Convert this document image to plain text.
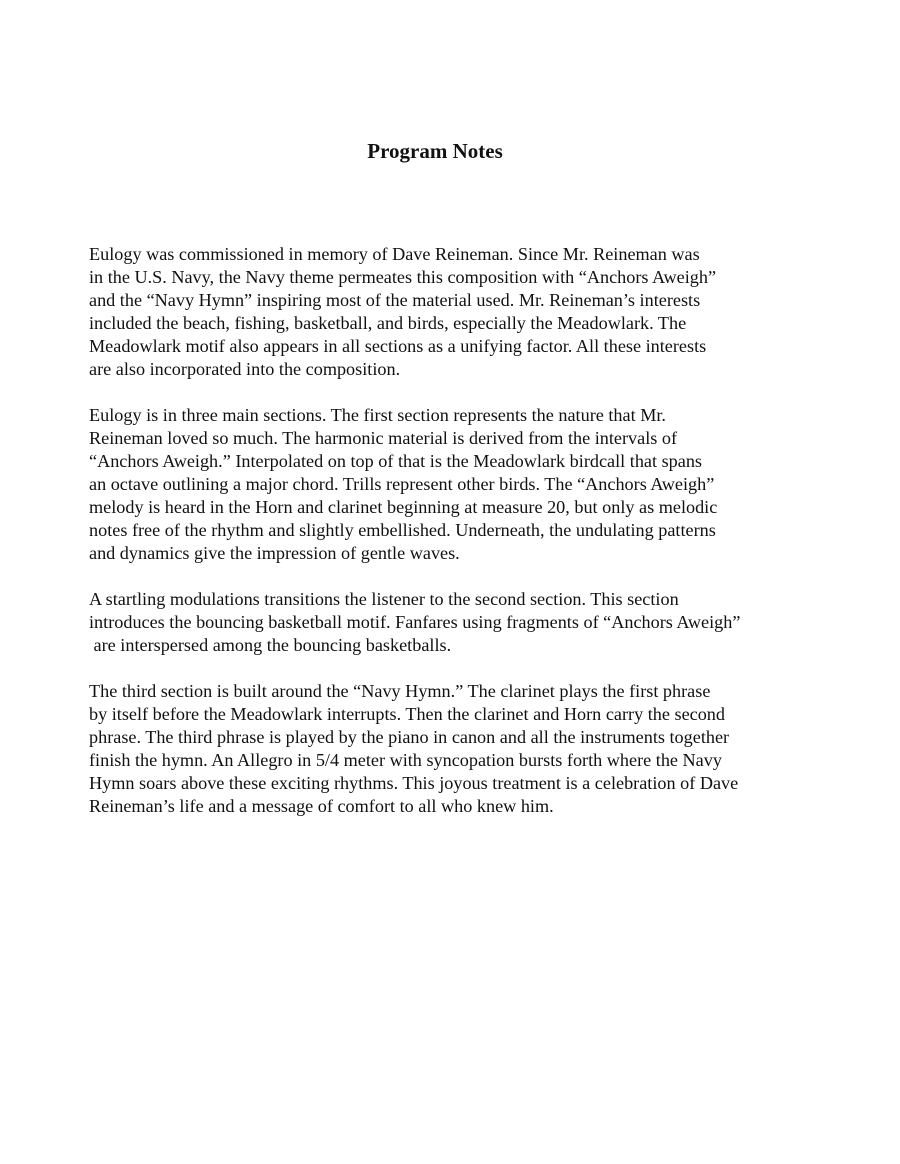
Program Notes

Eulogy was commissioned in memory of Dave Reineman. Since Mr. Reineman was
in the U.S. Navy, the Navy theme permeates this composition with “Anchors Aweigh”
and the “Navy Hymn” inspiring most of the material used. Mr. Reineman’s interests
included the beach, fishing, basketball, and birds, especially the Meadowlark. The
Meadowlark motif also appears in all sections as a unifying factor. All these interests
are also incorporated into the composition.

Eulogy is in three main sections. The first section represents the nature that Mr.
Reineman loved so much. The harmonic material is derived from the intervals of
“Anchors Aweigh.” Interpolated on top of that is the Meadowlark birdcall that spans
an octave outlining a major chord. Trills represent other birds. The “Anchors Aweigh”
melody is heard in the Horn and clarinet beginning at measure 20, but only as melodic
notes free of the rhythm and slightly embellished. Underneath, the undulating patterns
and dynamics give the impression of gentle waves.

A startling modulations transitions the listener to the second section. This section
introduces the bouncing basketball motif. Fanfares using fragments of “Anchors Aweigh”
are interspersed among the bouncing basketballs.

The third section is built around the “Navy Hymn.” The clarinet plays the first phrase
by itself before the Meadowlark interrupts. Then the clarinet and Horn carry the second
phrase. The third phrase is played by the piano in canon and all the instruments together
finish the hymn. An Allegro in 5/4 meter with syncopation bursts forth where the Navy
Hymn soars above these exciting rhythms. This joyous treatment is a celebration of Dave
Reineman’s life and a message of comfort to all who knew him.
